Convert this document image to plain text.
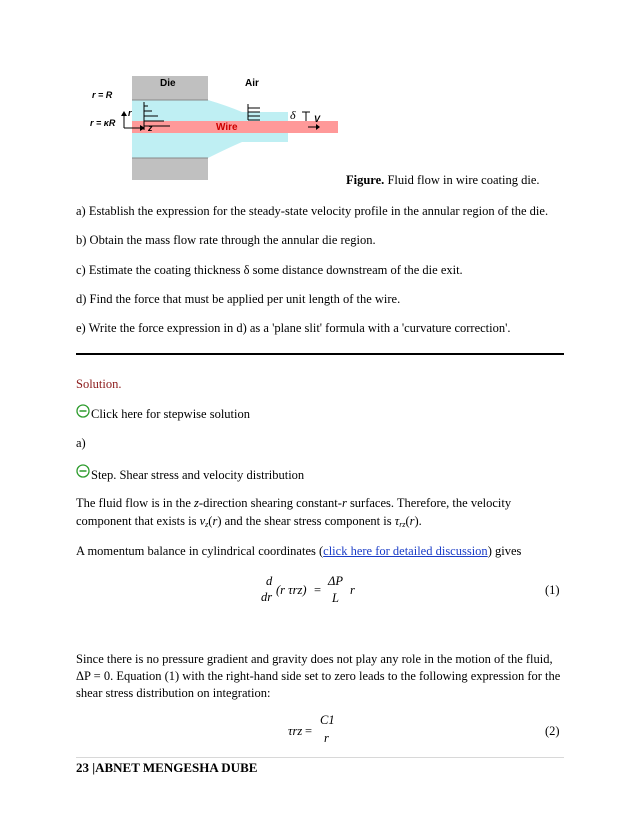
Die	Air
r = R
r = κR
r
z	Wire
δ V
Figure. Fluid flow in wire coating die.
a) Establish the expression for the steady-state velocity profile in the annular region of the die.
b) Obtain the mass flow rate through the annular die region.
c) Estimate the coating thickness δ some distance downstream of the die exit.
d) Find the force that must be applied per unit length of the wire.
e) Write the force expression in d) as a 'plane slit' formula with a 'curvature correction'.
Solution.
Click here for stepwise solution
a)
Step. Shear stress and velocity distribution
The fluid flow is in the z-direction shearing constant-r surfaces. Therefore, the velocity component that exists is $v_z(r)$ and the shear stress component is $\tau_{rz}(r)$.
A momentum balance in cylindrical coordinates (click here for detailed discussion) gives
d
dr (r τrz) =
ΔP
L
r	(1)
Since there is no pressure gradient and gravity does not play any role in the motion of the fluid, ΔP = 0. Equation (1) with the right-hand side set to zero leads to the following expression for the shear stress distribution on integration:
τrz =
C1
r	(2)
23 |ABNET MENGESHA DUBE
